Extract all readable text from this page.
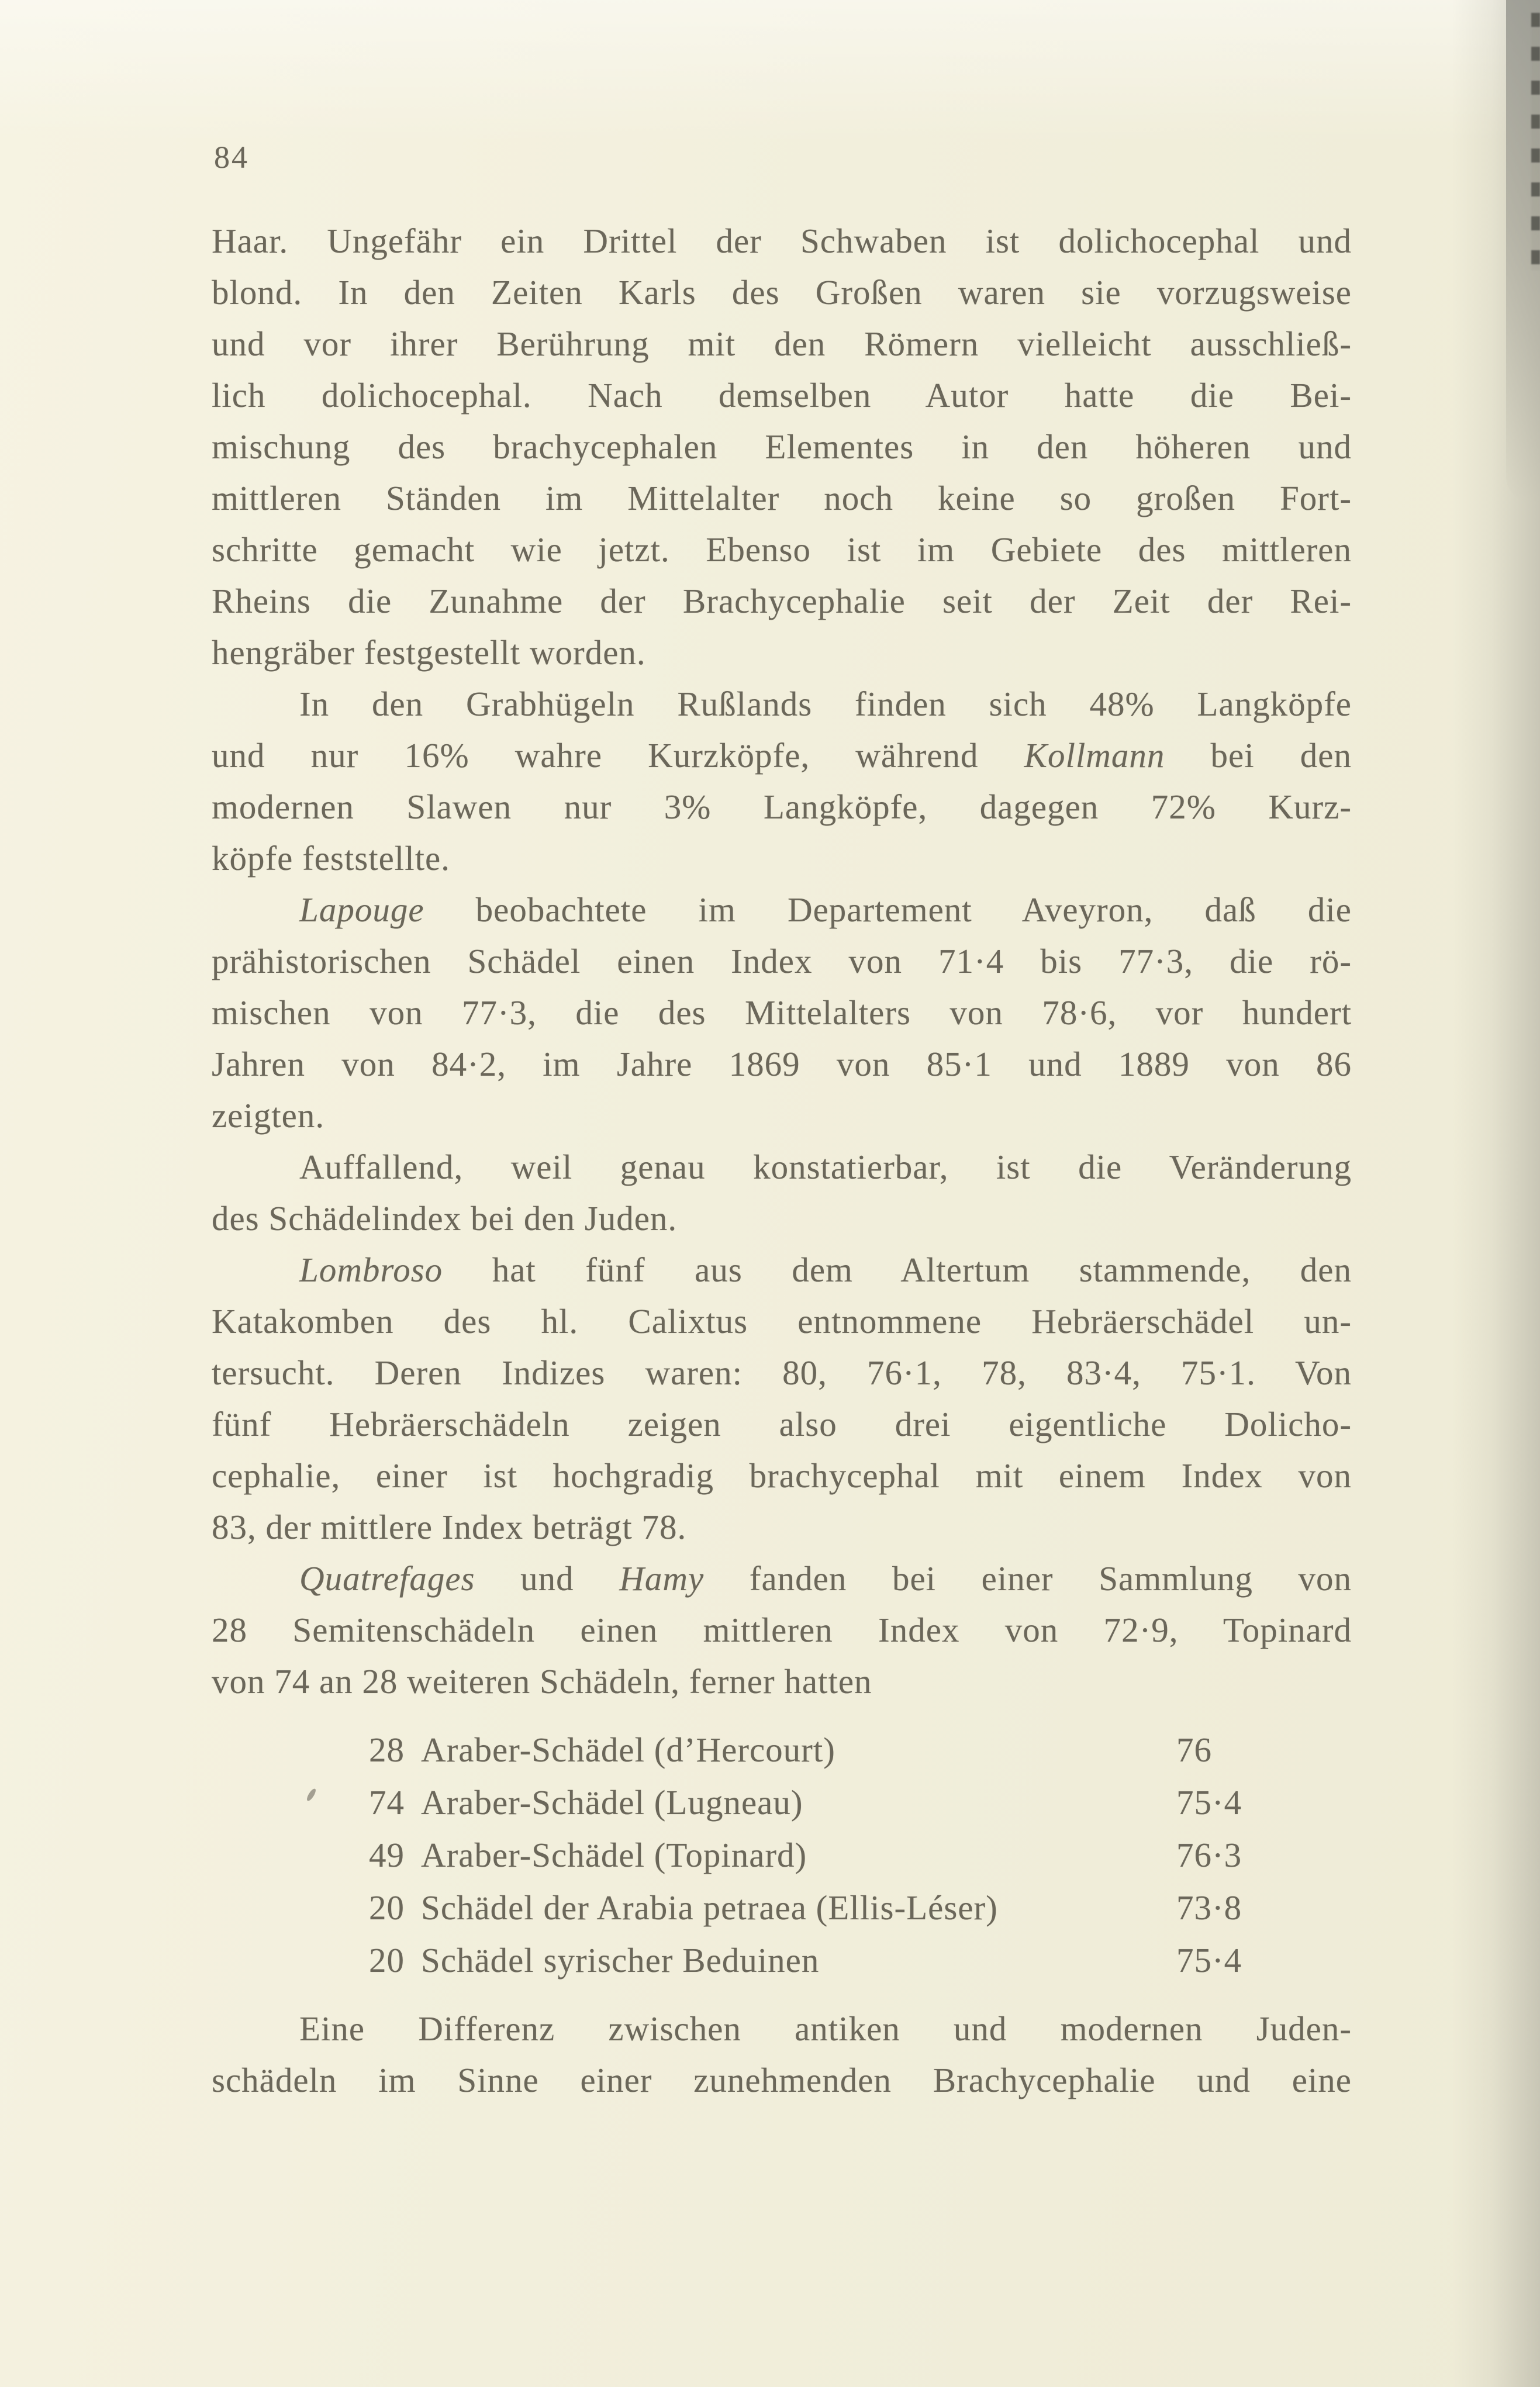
84
Haar. Ungefähr ein Drittel der Schwaben ist dolichocephal und
blond. In den Zeiten Karls des Großen waren sie vorzugsweise
und vor ihrer Berührung mit den Römern vielleicht ausschließ-
lich dolichocephal. Nach demselben Autor hatte die Bei-
mischung des brachycephalen Elementes in den höheren und
mittleren Ständen im Mittelalter noch keine so großen Fort-
schritte gemacht wie jetzt. Ebenso ist im Gebiete des mittleren
Rheins die Zunahme der Brachycephalie seit der Zeit der Rei-
hengräber festgestellt worden.
In den Grabhügeln Rußlands finden sich 48% Langköpfe
und nur 16% wahre Kurzköpfe, während Kollmann bei den
modernen Slawen nur 3% Langköpfe, dagegen 72% Kurz-
köpfe feststellte.
Lapouge beobachtete im Departement Aveyron, daß die
prähistorischen Schädel einen Index von 71·4 bis 77·3, die rö-
mischen von 77·3, die des Mittelalters von 78·6, vor hundert
Jahren von 84·2, im Jahre 1869 von 85·1 und 1889 von 86
zeigten.
Auffallend, weil genau konstatierbar, ist die Veränderung
des Schädelindex bei den Juden.
Lombroso hat fünf aus dem Altertum stammende, den
Katakomben des hl. Calixtus entnommene Hebräerschädel un-
tersucht. Deren Indizes waren: 80, 76·1, 78, 83·4, 75·1. Von
fünf Hebräerschädeln zeigen also drei eigentliche Dolicho-
cephalie, einer ist hochgradig brachycephal mit einem Index von
83, der mittlere Index beträgt 78.
Quatrefages und Hamy fanden bei einer Sammlung von
28 Semitenschädeln einen mittleren Index von 72·9, Topinard
von 74 an 28 weiteren Schädeln, ferner hatten
28 Araber-Schädel (d’Hercourt)	76
74 Araber-Schädel (Lugneau)	75·4
49 Araber-Schädel (Topinard)	76·3
20 Schädel der Arabia petraea (Ellis-Léser)	73·8
20 Schädel syrischer Beduinen	75·4
Eine Differenz zwischen antiken und modernen Juden-
schädeln im Sinne einer zunehmenden Brachycephalie und eine
